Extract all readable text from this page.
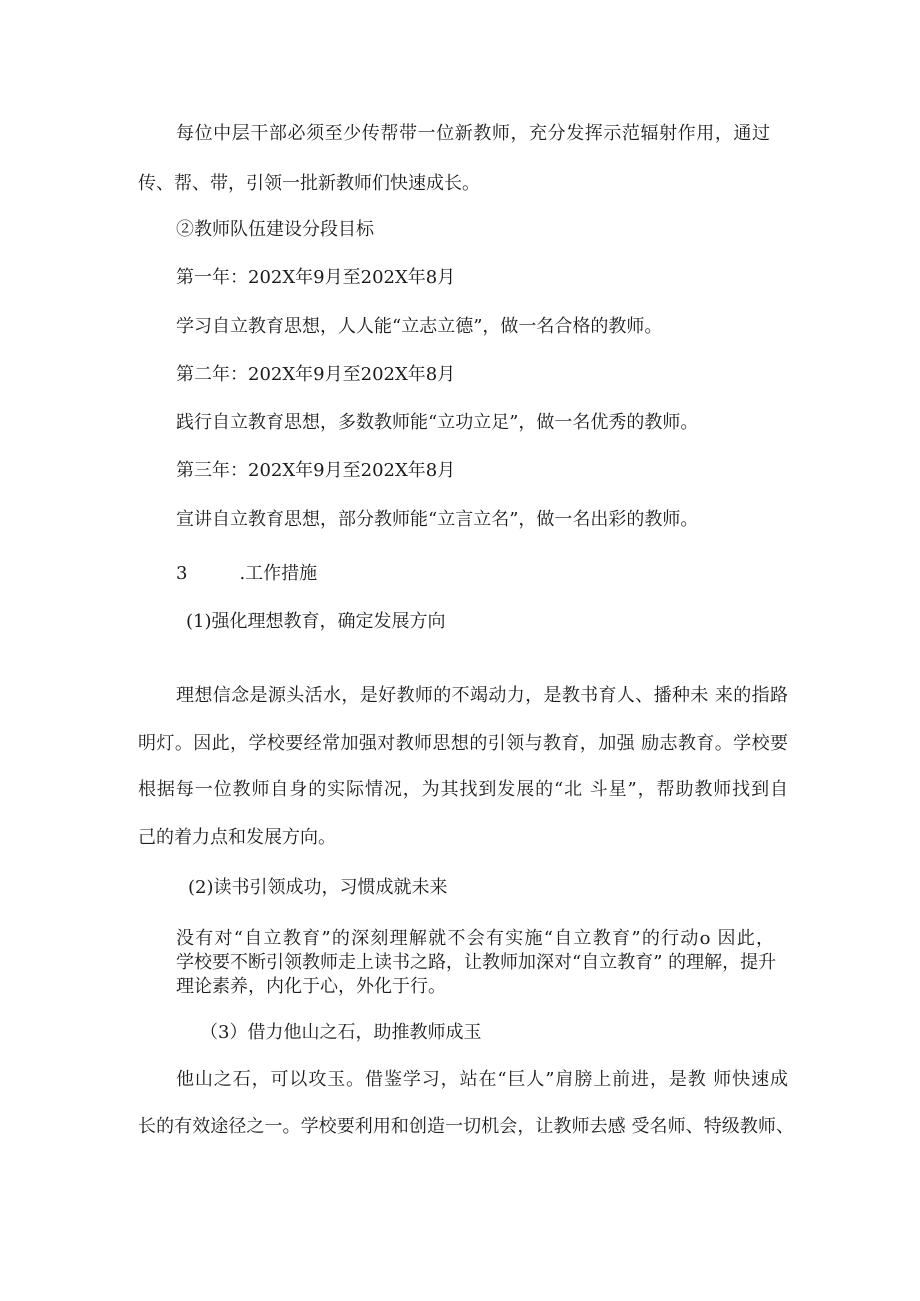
每位中层干部必须至少传帮带一位新教师，充分发挥示范辐射作用，通过

传、帮、带，引领一批新教师们快速成长。

②教师队伍建设分段目标

第一年：202X年9月至202X年8月

学习自立教育思想，人人能“立志立德”，做一名合格的教师。

第二年：202X年9月至202X年8月

践行自立教育思想，多数教师能“立功立足”，做一名优秀的教师。

第三年：202X年9月至202X年8月

宣讲自立教育思想，部分教师能“立言立名”，做一名出彩的教师。

3	.工作措施

(1)强化理想教育，确定发展方向

理想信念是源头活水，是好教师的不竭动力，是教书育人、播种未 来的指路

明灯。因此，学校要经常加强对教师思想的引领与教育，加强 励志教育。学校要

根据每一位教师自身的实际情况，为其找到发展的“北 斗星”，帮助教师找到自

己的着力点和发展方向。

(2)读书引领成功，习惯成就未来

没有对“自立教育”的深刻理解就不会有实施“自立教育”的行动o 因此，

学校要不断引领教师走上读书之路，让教师加深对“自立教育” 的理解，提升

理论素养，内化于心，外化于行。

（3）借力他山之石，助推教师成玉

他山之石，可以攻玉。借鉴学习，站在“巨人”肩膀上前进，是教 师快速成

长的有效途径之一。学校要利用和创造一切机会，让教师去感 受名师、特级教师、
